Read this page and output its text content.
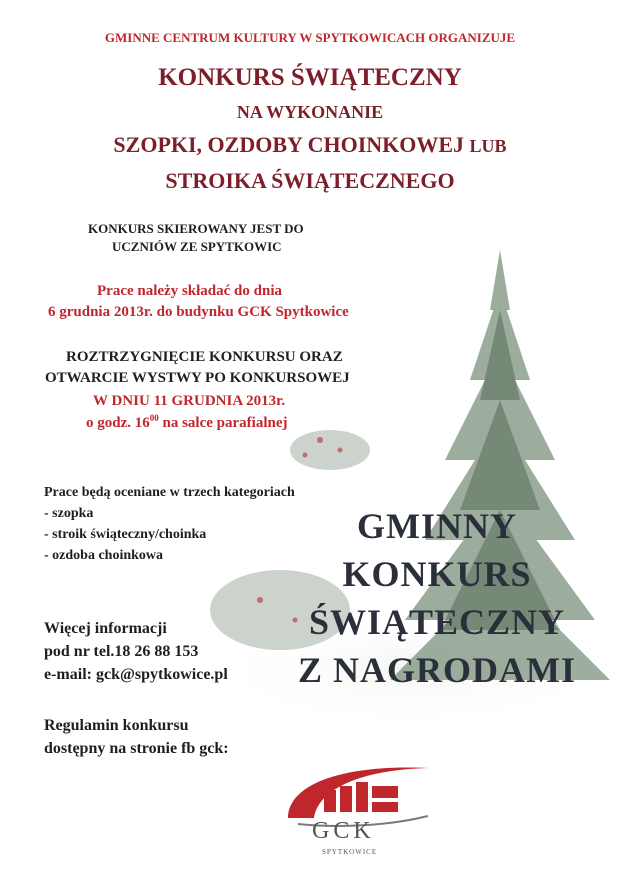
GMINNE CENTRUM KULTURY W SPYTKOWICACH ORGANIZUJE
KONKURS ŚWIĄTECZNY
NA WYKONANIE
SZOPKI, OZDOBY CHOINKOWEJ LUB
STROIKA ŚWIĄTECZNEGO
KONKURS SKIEROWANY JEST DO
UCZNIÓW ZE SPYTKOWIC
Prace należy składać do dnia
6 grudnia 2013r. do budynku GCK Spytkowice
ROZTRZYGNIĘCIE KONKURSU ORAZ
OTWARCIE WYSTWY PO KONKURSOWEJ
W DNIU 11 GRUDNIA 2013r.
o godz. $16^{00}$ na salce parafialnej
Prace będą oceniane w trzech kategoriach
- szopka
- stroik świąteczny/choinka
- ozdoba choinkowa
GMINNY
KONKURS
ŚWIĄTECZNY
Z NAGRODAMI
Więcej informacji
pod nr tel.18 26 88 153
e-mail: gck@spytkowice.pl
Regulamin konkursu
dostępny na stronie fb gck:
GCK
SPYTKOWICE
